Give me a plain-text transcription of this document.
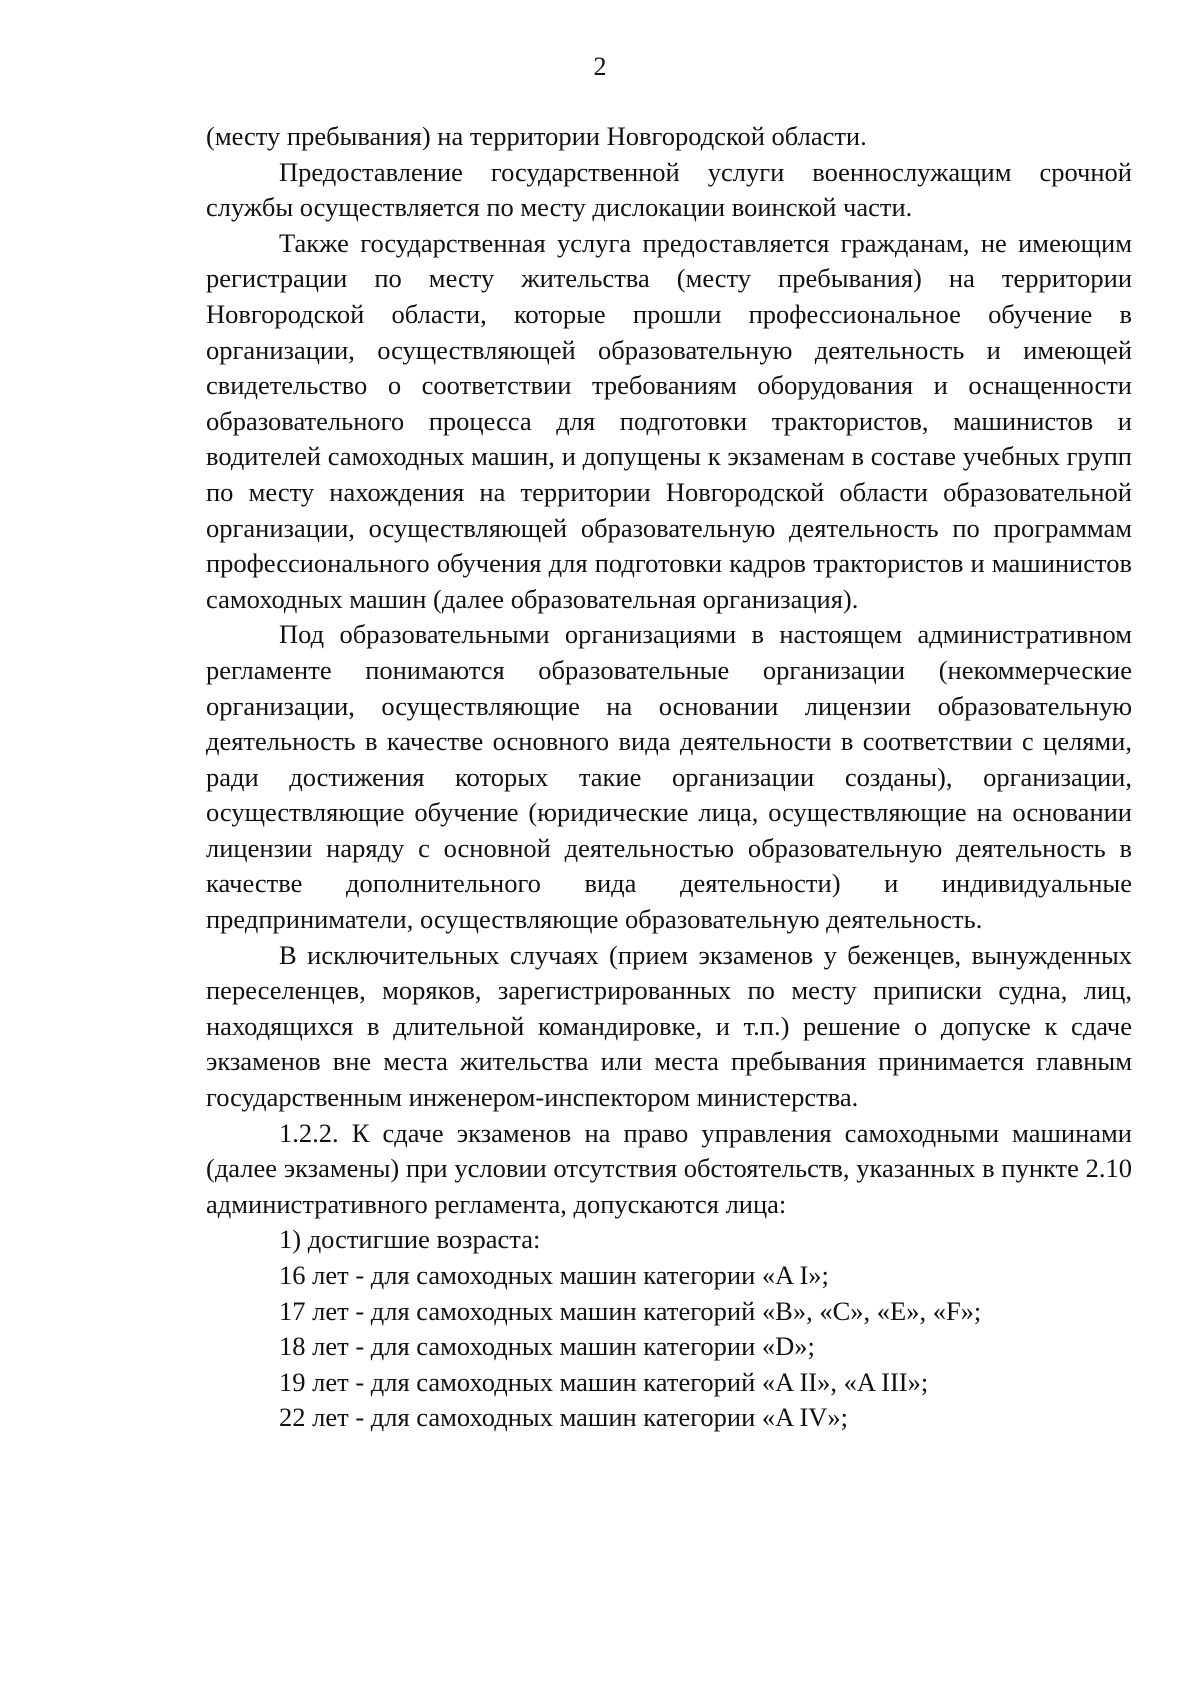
2

(месту пребывания) на территории Новгородской области.

Предоставление государственной услуги военнослужащим срочной службы осуществляется по месту дислокации воинской части.

Также государственная услуга предоставляется гражданам, не имеющим регистрации по месту жительства (месту пребывания) на территории Новгородской области, которые прошли профессиональное обучение в организации, осуществляющей образовательную деятельность и имеющей свидетельство о соответствии требованиям оборудования и оснащенности образовательного процесса для подготовки трактористов, машинистов и водителей самоходных машин, и допущены к экзаменам в составе учебных групп по месту нахождения на территории Новгородской области образовательной организации, осуществляющей образовательную деятельность по программам профессионального обучения для подготовки кадров трактористов и машинистов самоходных машин (далее образовательная организация).

Под образовательными организациями в настоящем административном регламенте понимаются образовательные организации (некоммерческие организации, осуществляющие на основании лицензии образовательную деятельность в качестве основного вида деятельности в соответствии с целями, ради достижения которых такие организации созданы), организации, осуществляющие обучение (юридические лица, осуществляющие на основании лицензии наряду с основной деятельностью образовательную деятельность в качестве дополнительного вида деятельности) и индивидуальные предприниматели, осуществляющие образовательную деятельность.

В исключительных случаях (прием экзаменов у беженцев, вынужденных переселенцев, моряков, зарегистрированных по месту приписки судна, лиц, находящихся в длительной командировке, и т.п.) решение о допуске к сдаче экзаменов вне места жительства или места пребывания принимается главным государственным инженером-инспектором министерства.

1.2.2. К сдаче экзаменов на право управления самоходными машинами (далее экзамены) при условии отсутствия обстоятельств, указанных в пункте 2.10 административного регламента, допускаются лица:

1) достигшие возраста:

16 лет - для самоходных машин категории «A I»;

17 лет - для самоходных машин категорий «B», «C», «E», «F»;

18 лет - для самоходных машин категории «D»;

19 лет - для самоходных машин категорий «A II», «A III»;

22 лет - для самоходных машин категории «A IV»;
